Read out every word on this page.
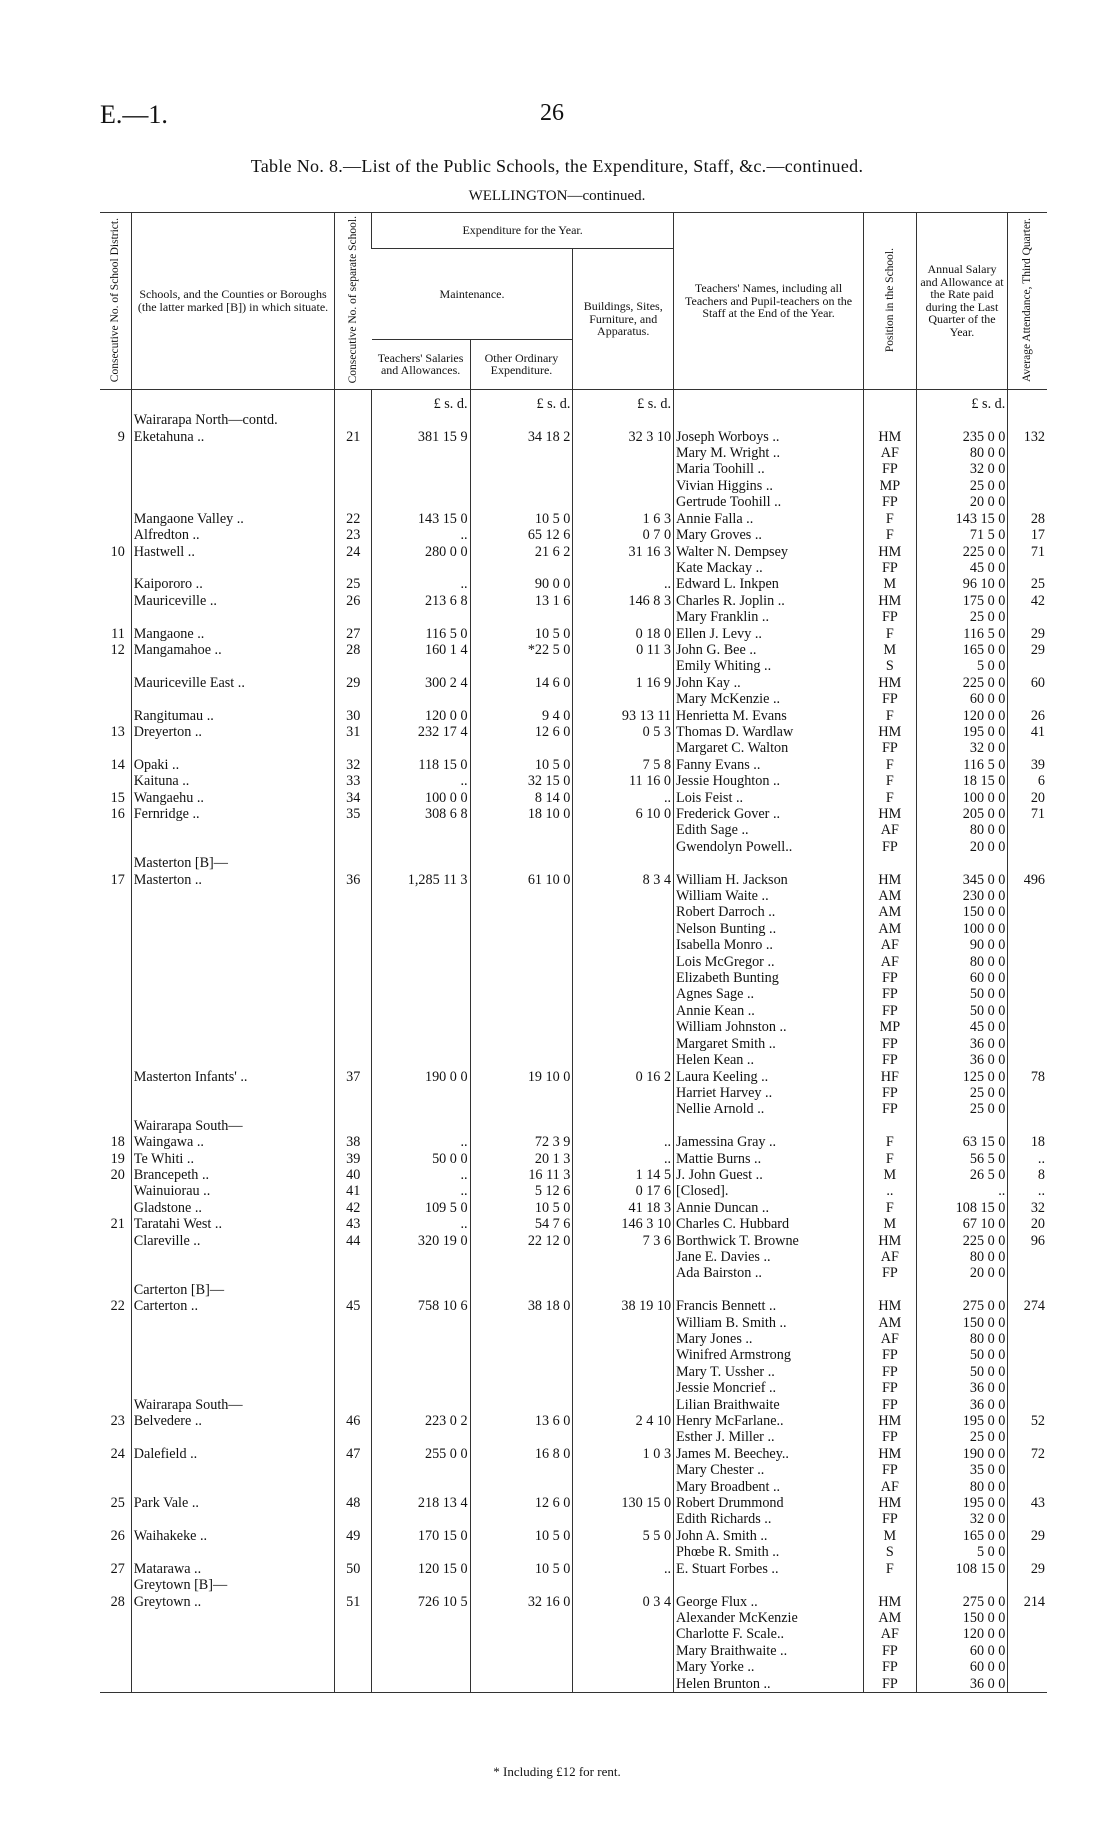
E.—1.	26
Table No. 8.—List of the Public Schools, the Expenditure, Staff, &c.—continued.
WELLINGTON—continued.
Consecutive No. of School District.	Schools, and the Counties or Boroughs (the latter marked [B]) in which situate.	Consecutive No. of separate School.	Expenditure for the Year.			Teachers' Names, including all Teachers and Pupil-teachers on the Staff at the End of the Year.	Position in the School.	Annual Salary and Allowance at the Rate paid during the Last Quarter of the Year.	Average Attendance, Third Quarter.
			Maintenance.		Buildings, Sites, Furniture, and Apparatus.				
			Teachers' Salaries and Allowances.	Other Ordinary Expenditure.					

			£ s. d.	£ s. d.	£ s. d.			£ s. d.	
	Wairarapa North—contd.								
9	Eketahuna ..	21	381 15 9	34 18 2	32 3 10	Joseph Worboys ..	HM	235 0 0	132
						Mary M. Wright ..	AF	80 0 0	
						Maria Toohill ..	FP	32 0 0	
						Vivian Higgins ..	MP	25 0 0	
						Gertrude Toohill ..	FP	20 0 0	
	Mangaone Valley ..	22	143 15 0	10 5 0	1 6 3	Annie Falla ..	F	143 15 0	28
	Alfredton ..	23	..	65 12 6	0 7 0	Mary Groves ..	F	71 5 0	17
10	Hastwell ..	24	280 0 0	21 6 2	31 16 3	Walter N. Dempsey	HM	225 0 0	71
						Kate Mackay ..	FP	45 0 0	
	Kaipororo ..	25	..	90 0 0	..	Edward L. Inkpen	M	96 10 0	25
	Mauriceville ..	26	213 6 8	13 1 6	146 8 3	Charles R. Joplin ..	HM	175 0 0	42
						Mary Franklin ..	FP	25 0 0	
11	Mangaone ..	27	116 5 0	10 5 0	0 18 0	Ellen J. Levy ..	F	116 5 0	29
12	Mangamahoe ..	28	160 1 4	*22 5 0	0 11 3	John G. Bee ..	M	165 0 0	29
						Emily Whiting ..	S	5 0 0	
	Mauriceville East ..	29	300 2 4	14 6 0	1 16 9	John Kay ..	HM	225 0 0	60
						Mary McKenzie ..	FP	60 0 0	
	Rangitumau ..	30	120 0 0	9 4 0	93 13 11	Henrietta M. Evans	F	120 0 0	26
13	Dreyerton ..	31	232 17 4	12 6 0	0 5 3	Thomas D. Wardlaw	HM	195 0 0	41
						Margaret C. Walton	FP	32 0 0	
14	Opaki ..	32	118 15 0	10 5 0	7 5 8	Fanny Evans ..	F	116 5 0	39
	Kaituna ..	33	..	32 15 0	11 16 0	Jessie Houghton ..	F	18 15 0	6
15	Wangaehu ..	34	100 0 0	8 14 0	..	Lois Feist ..	F	100 0 0	20
16	Fernridge ..	35	308 6 8	18 10 0	6 10 0	Frederick Gover ..	HM	205 0 0	71
						Edith Sage ..	AF	80 0 0	
						Gwendolyn Powell..	FP	20 0 0	
	Masterton [B]—								
17	Masterton ..	36	1,285 11 3	61 10 0	8 3 4	William H. Jackson	HM	345 0 0	496
						William Waite ..	AM	230 0 0	
						Robert Darroch ..	AM	150 0 0	
						Nelson Bunting ..	AM	100 0 0	
						Isabella Monro ..	AF	90 0 0	
						Lois McGregor ..	AF	80 0 0	
						Elizabeth Bunting	FP	60 0 0	
						Agnes Sage ..	FP	50 0 0	
						Annie Kean ..	FP	50 0 0	
						William Johnston ..	MP	45 0 0	
						Margaret Smith ..	FP	36 0 0	
						Helen Kean ..	FP	36 0 0	
	Masterton Infants' ..	37	190 0 0	19 10 0	0 16 2	Laura Keeling ..	HF	125 0 0	78
						Harriet Harvey ..	FP	25 0 0	
						Nellie Arnold ..	FP	25 0 0	
	Wairarapa South—								
18	Waingawa ..	38	..	72 3 9	..	Jamessina Gray ..	F	63 15 0	18
19	Te Whiti ..	39	50 0 0	20 1 3	..	Mattie Burns ..	F	56 5 0	..
20	Brancepeth ..	40	..	16 11 3	1 14 5	J. John Guest ..	M	26 5 0	8
	Wainuiorau ..	41	..	5 12 6	0 17 6	[Closed].	..	..	..
	Gladstone ..	42	109 5 0	10 5 0	41 18 3	Annie Duncan ..	F	108 15 0	32
21	Taratahi West ..	43	..	54 7 6	146 3 10	Charles C. Hubbard	M	67 10 0	20
	Clareville ..	44	320 19 0	22 12 0	7 3 6	Borthwick T. Browne	HM	225 0 0	96
						Jane E. Davies ..	AF	80 0 0	
						Ada Bairston ..	FP	20 0 0	
	Carterton [B]—								
22	Carterton ..	45	758 10 6	38 18 0	38 19 10	Francis Bennett ..	HM	275 0 0	274
						William B. Smith ..	AM	150 0 0	
						Mary Jones ..	AF	80 0 0	
						Winifred Armstrong	FP	50 0 0	
						Mary T. Ussher ..	FP	50 0 0	
						Jessie Moncrief ..	FP	36 0 0	
	Wairarapa South—					Lilian Braithwaite	FP	36 0 0	
23	Belvedere ..	46	223 0 2	13 6 0	2 4 10	Henry McFarlane..	HM	195 0 0	52
						Esther J. Miller ..	FP	25 0 0	
24	Dalefield ..	47	255 0 0	16 8 0	1 0 3	James M. Beechey..	HM	190 0 0	72
						Mary Chester ..	FP	35 0 0	
						Mary Broadbent ..	AF	80 0 0	
25	Park Vale ..	48	218 13 4	12 6 0	130 15 0	Robert Drummond	HM	195 0 0	43
						Edith Richards ..	FP	32 0 0	
26	Waihakeke ..	49	170 15 0	10 5 0	5 5 0	John A. Smith ..	M	165 0 0	29
						Phœbe R. Smith ..	S	5 0 0	
27	Matarawa ..	50	120 15 0	10 5 0	..	E. Stuart Forbes ..	F	108 15 0	29
	Greytown [B]—								
28	Greytown ..	51	726 10 5	32 16 0	0 3 4	George Flux ..	HM	275 0 0	214
						Alexander McKenzie	AM	150 0 0	
						Charlotte F. Scale..	AF	120 0 0	
						Mary Braithwaite ..	FP	60 0 0	
						Mary Yorke ..	FP	60 0 0	
						Helen Brunton ..	FP	36 0 0	
* Including £12 for rent.
